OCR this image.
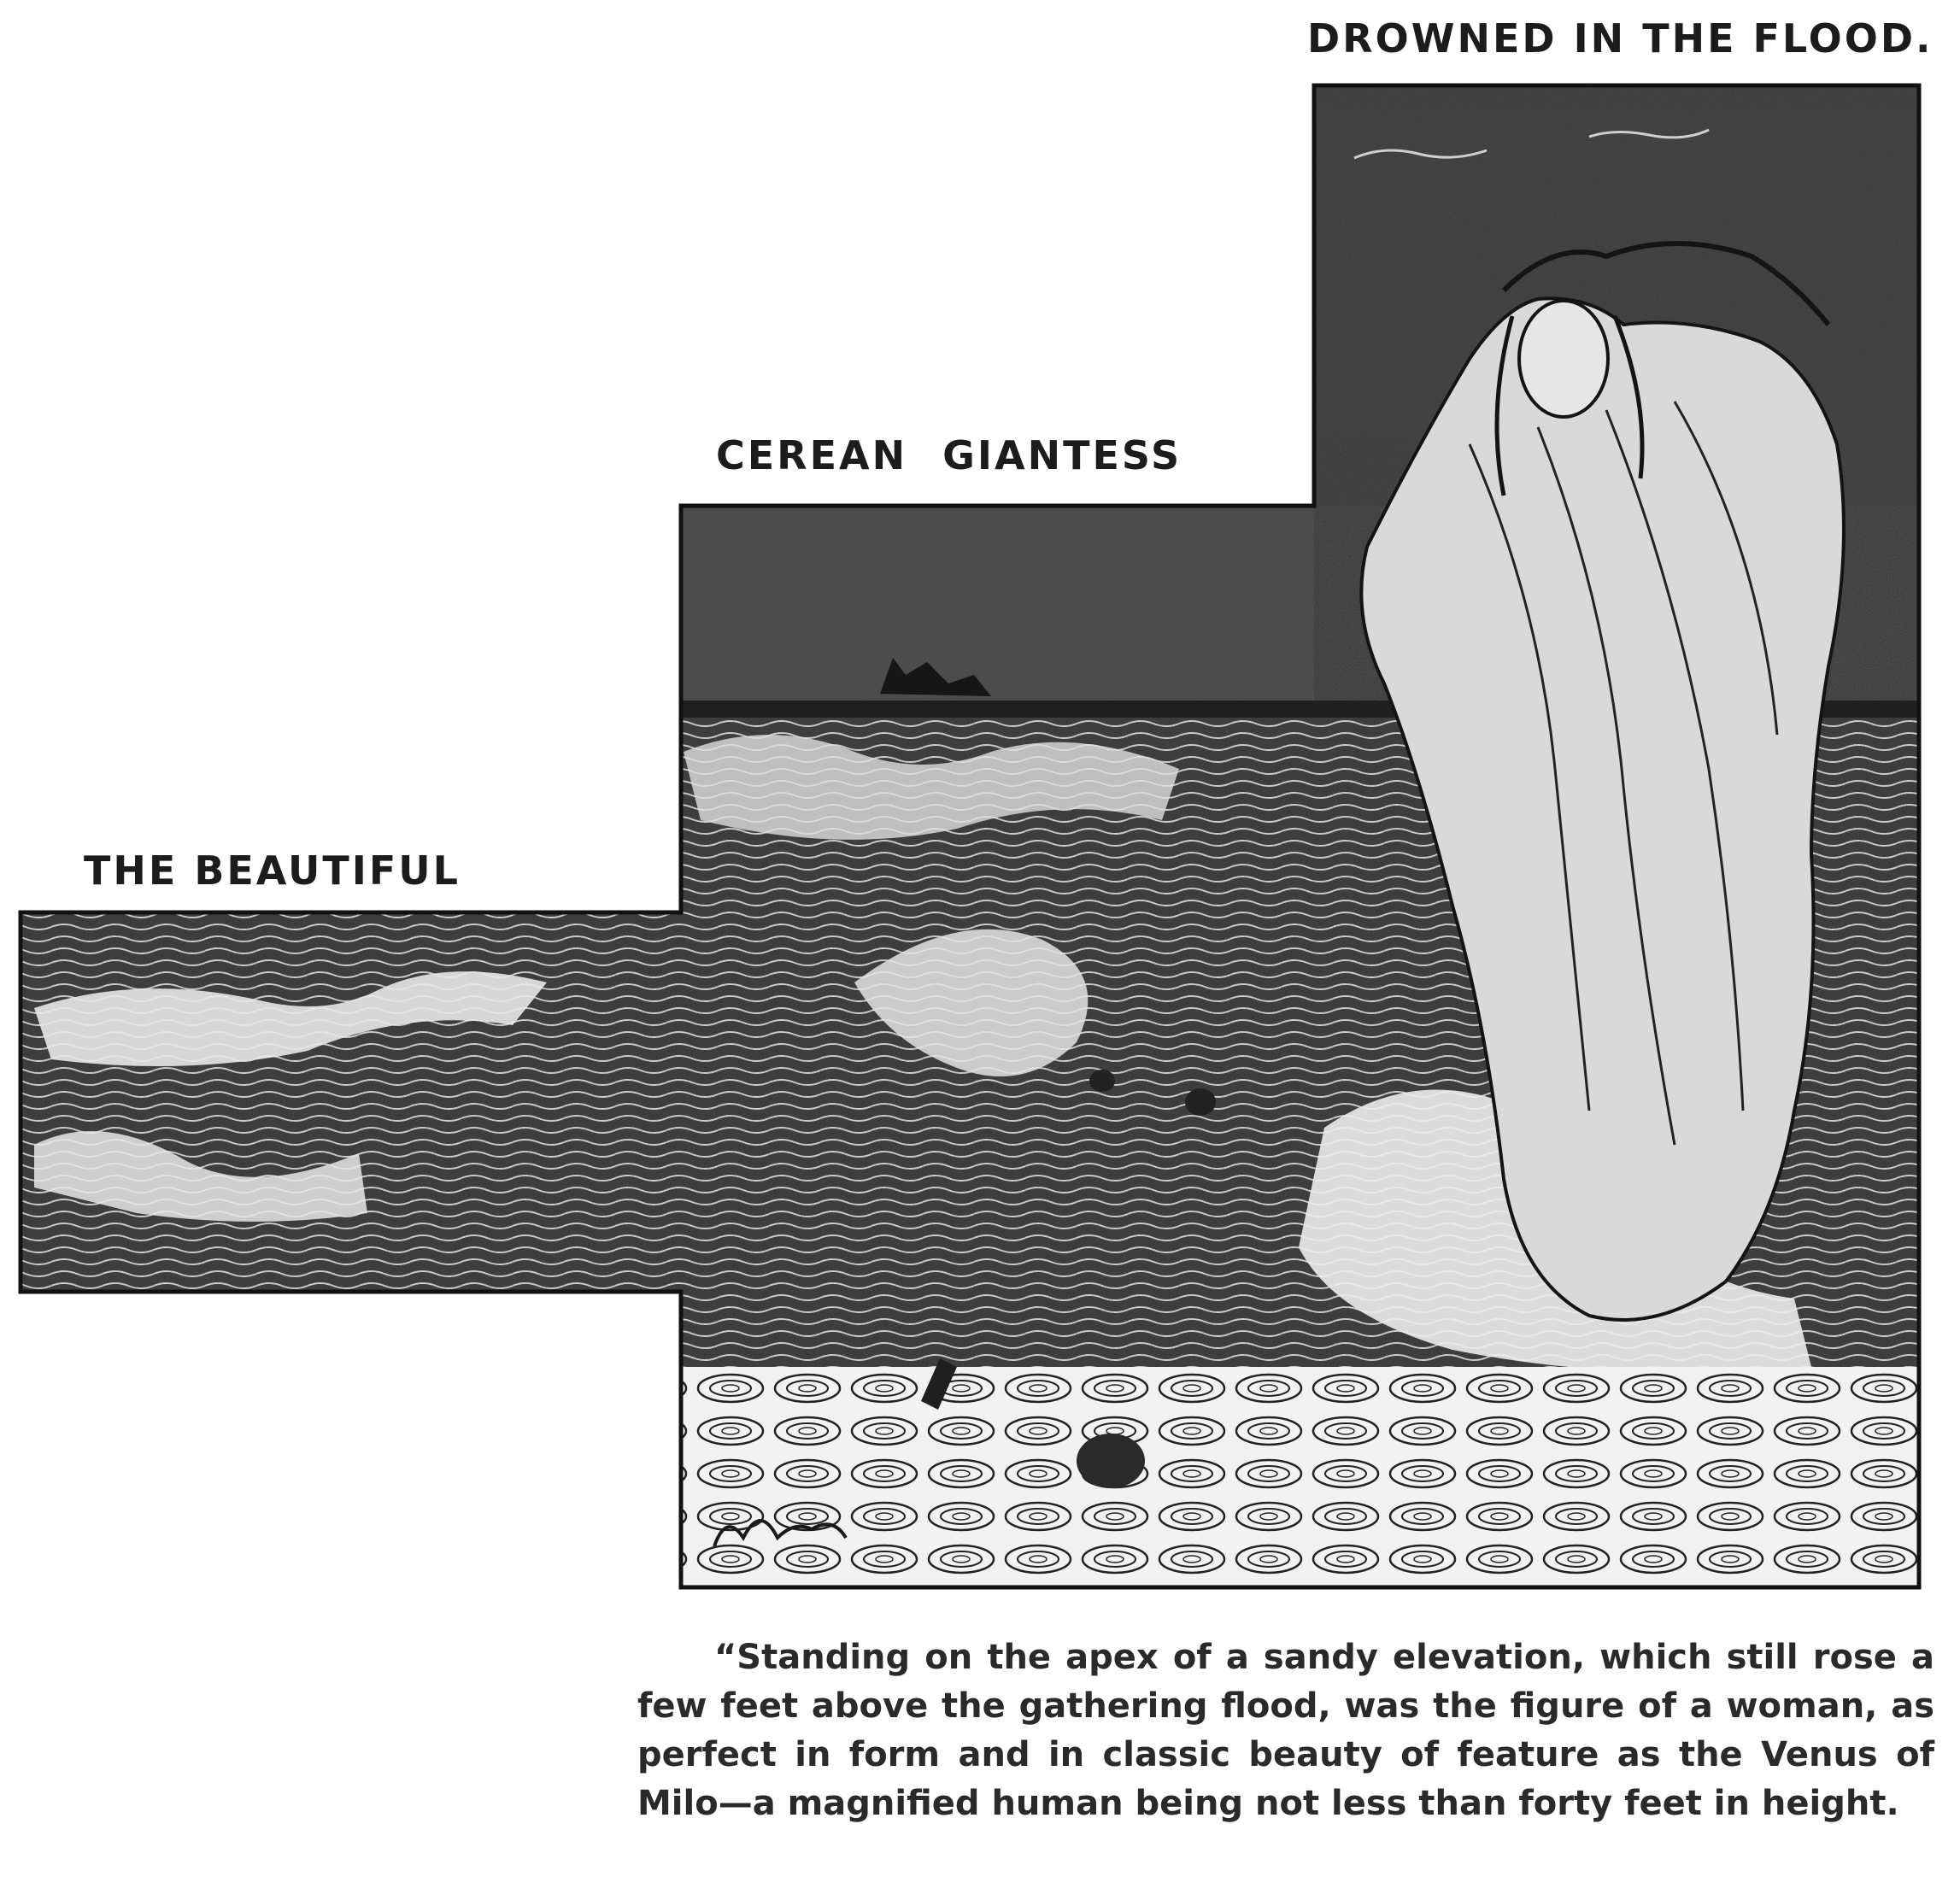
DROWNED IN THE FLOOD.
CEREAN GIANTESS
THE BEAUTIFUL

“Standing on the apex of a sandy elevation, which still rose a few feet above the gathering flood, was the figure of a woman, as perfect in form and in classic beauty of feature as the Venus of Milo—a magnified human being not less than forty feet in height.
